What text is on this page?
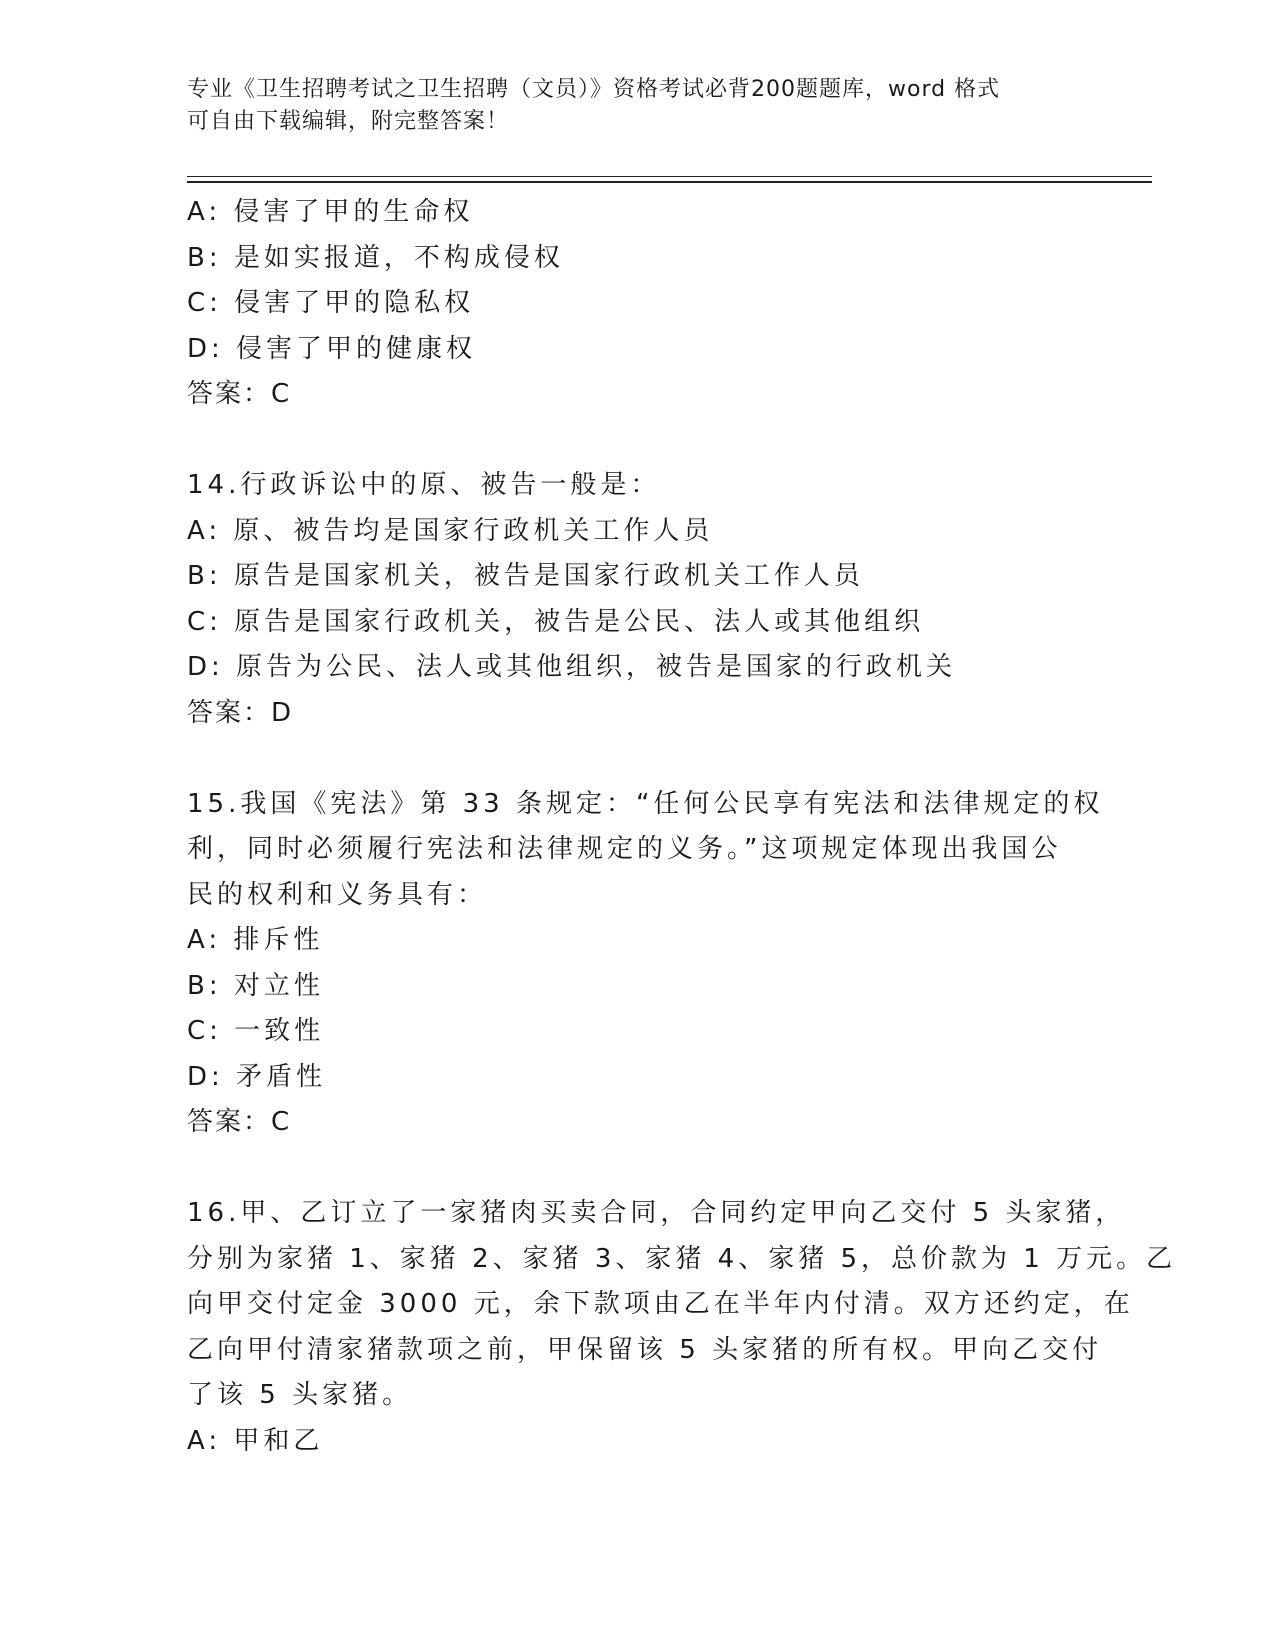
专业《卫生招聘考试之卫生招聘（文员）》资格考试必背200题题库，word 格式
可自由下载编辑，附完整答案！
A: 侵害了甲的生命权
B: 是如实报道，不构成侵权
C: 侵害了甲的隐私权
D: 侵害了甲的健康权
答案：C
14.行政诉讼中的原、被告一般是：
A: 原、被告均是国家行政机关工作人员
B: 原告是国家机关，被告是国家行政机关工作人员
C: 原告是国家行政机关，被告是公民、法人或其他组织
D: 原告为公民、法人或其他组织，被告是国家的行政机关
答案：D
15.我国《宪法》第 33 条规定：“任何公民享有宪法和法律规定的权
利，同时必须履行宪法和法律规定的义务。”这项规定体现出我国公
民的权利和义务具有：
A: 排斥性
B: 对立性
C: 一致性
D: 矛盾性
答案：C
16.甲、乙订立了一家猪肉买卖合同，合同约定甲向乙交付 5 头家猪，
分别为家猪 1、家猪 2、家猪 3、家猪 4、家猪 5，总价款为 1 万元。乙
向甲交付定金 3000 元，余下款项由乙在半年内付清。双方还约定，在
乙向甲付清家猪款项之前，甲保留该 5 头家猪的所有权。甲向乙交付
了该 5 头家猪。
A: 甲和乙
